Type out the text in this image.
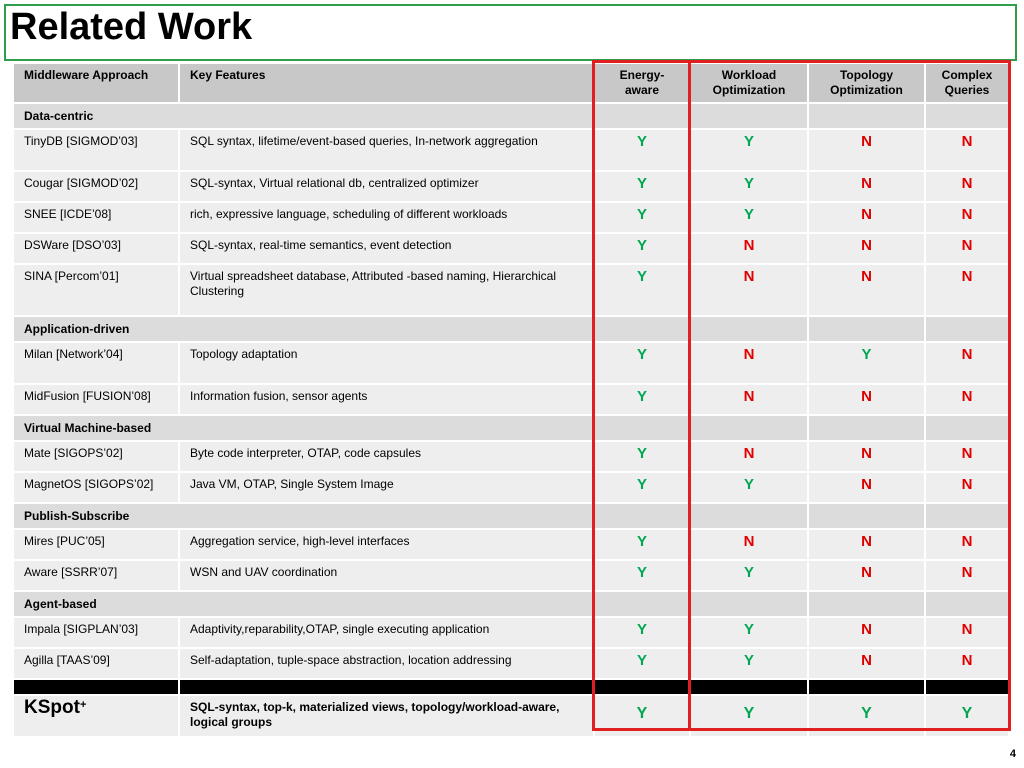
Related Work
Middleware Approach	Key Features	Energy-aware	Workload Optimization	Topology Optimization	Complex Queries
Data-centric					
TinyDB [SIGMOD’03]	SQL syntax, lifetime/event-based queries, In-network aggregation	Y	Y	N	N
Cougar [SIGMOD’02]	SQL-syntax, Virtual relational db, centralized optimizer	Y	Y	N	N
SNEE [ICDE’08]	rich, expressive language, scheduling of different workloads	Y	Y	N	N
DSWare [DSO’03]	SQL-syntax, real-time semantics, event detection	Y	N	N	N
SINA [Percom’01]	Virtual spreadsheet database, Attributed -based naming, Hierarchical Clustering	Y	N	N	N
Application-driven					
Milan [Network’04]	Topology adaptation	Y	N	Y	N
MidFusion [FUSION’08]	Information fusion, sensor agents	Y	N	N	N
Virtual Machine-based					
Mate [SIGOPS’02]	Byte code interpreter, OTAP, code capsules	Y	N	N	N
MagnetOS [SIGOPS’02]	Java VM, OTAP, Single System Image	Y	Y	N	N
Publish-Subscribe					
Mires [PUC’05]	Aggregation service, high-level interfaces	Y	N	N	N
Aware [SSRR’07]	WSN and UAV coordination	Y	Y	N	N
Agent-based					
Impala [SIGPLAN’03]	Adaptivity,reparability,OTAP, single executing application	Y	Y	N	N
Agilla [TAAS’09]	Self-adaptation, tuple-space abstraction, location addressing	Y	Y	N	N

KSpot+	SQL-syntax, top-k, materialized views, topology/workload-aware, logical groups	Y	Y	Y	Y
4
